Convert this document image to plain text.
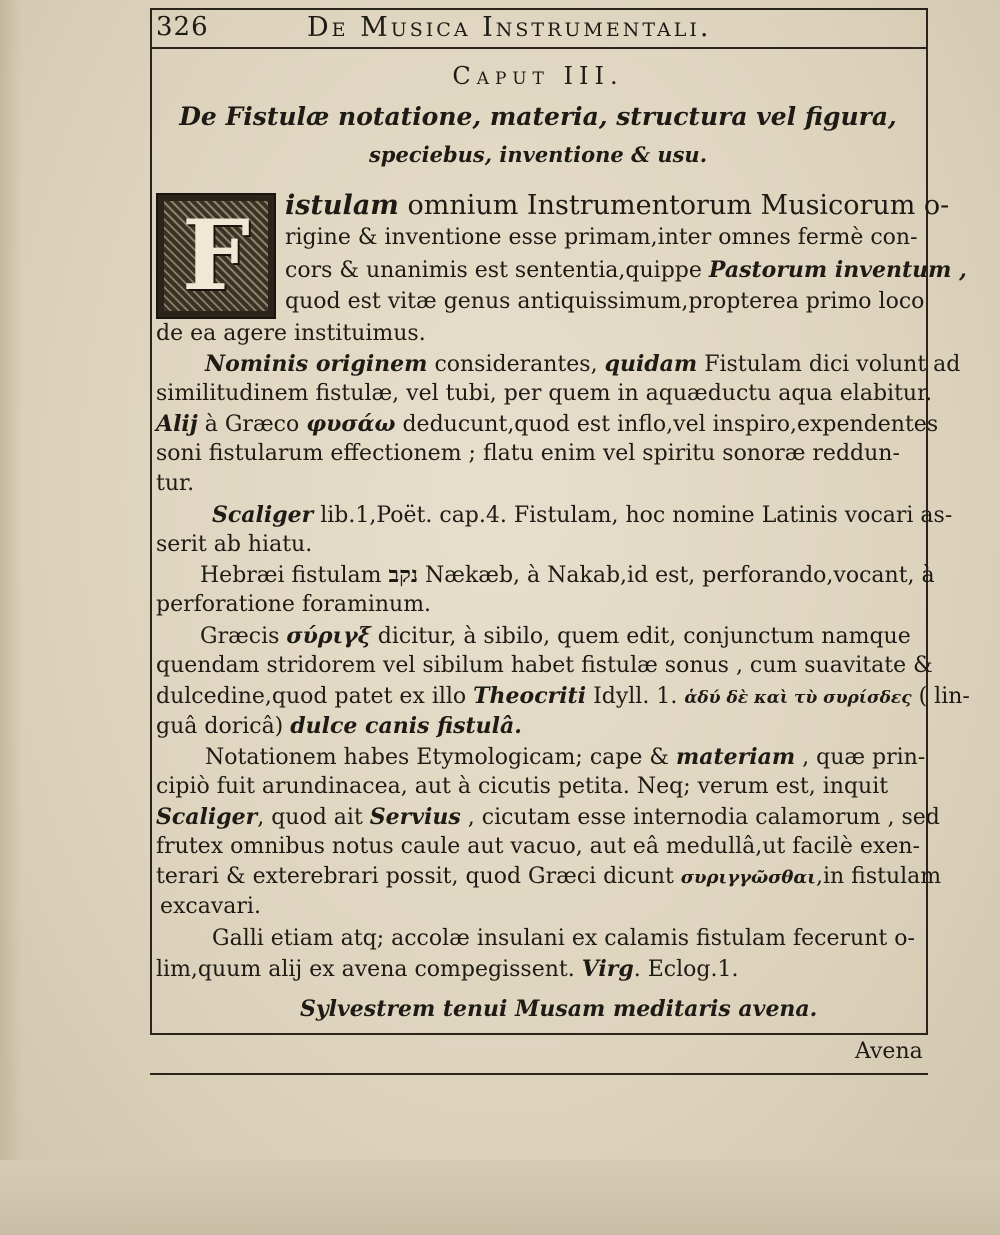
326	De Musica Instrumentali.
Caput III.
De Fistulæ notatione, materia, structura vel figura,
speciebus, inventione & usu.
F istulam omnium Instrumentorum Musicorum o-
rigine & inventione esse primam,inter omnes fermè con-
cors & unanimis est sententia,quippe Pastorum inventum ,
quod est vitæ genus antiquissimum,propterea primo loco
de ea agere instituimus.
Nominis originem considerantes, quidam Fistulam dici volunt ad
similitudinem fistulæ, vel tubi, per quem in aquæductu aqua elabitur.
Alij à Græco φυσάω deducunt,quod est inflo,vel inspiro,expendentes
soni fistularum effectionem ; flatu enim vel spiritu sonoræ reddun-
tur.
Scaliger lib.1,Poët. cap.4. Fistulam, hoc nomine Latinis vocari as-
serit ab hiatu.
Hebræi fistulam נקב Nækæb, à Nakab,id est, perforando,vocant, à
perforatione foraminum.
Græcis σύριγξ dicitur, à sibilo, quem edit, conjunctum namque
quendam stridorem vel sibilum habet fistulæ sonus , cum suavitate &
dulcedine,quod patet ex illo Theocriti Idyll. 1. ἁδύ δὲ καὶ τὺ συρίσδες ( lin-
guâ doricâ) dulce canis fistulâ.
Notationem habes Etymologicam; cape & materiam , quæ prin-
cipiò fuit arundinacea, aut à cicutis petita. Neq; verum est, inquit
Scaliger, quod ait Servius , cicutam esse internodia calamorum , sed
frutex omnibus notus caule aut vacuo, aut eâ medullâ,ut facilè exen-
terari & exterebrari possit, quod Græci dicunt συριγγῶσθαι,in fistulam
excavari.
Galli etiam atq; accolæ insulani ex calamis fistulam fecerunt o-
lim,quum alij ex avena compegissent. Virg. Eclog.1.
Sylvestrem tenui Musam meditaris avena.
Avena
